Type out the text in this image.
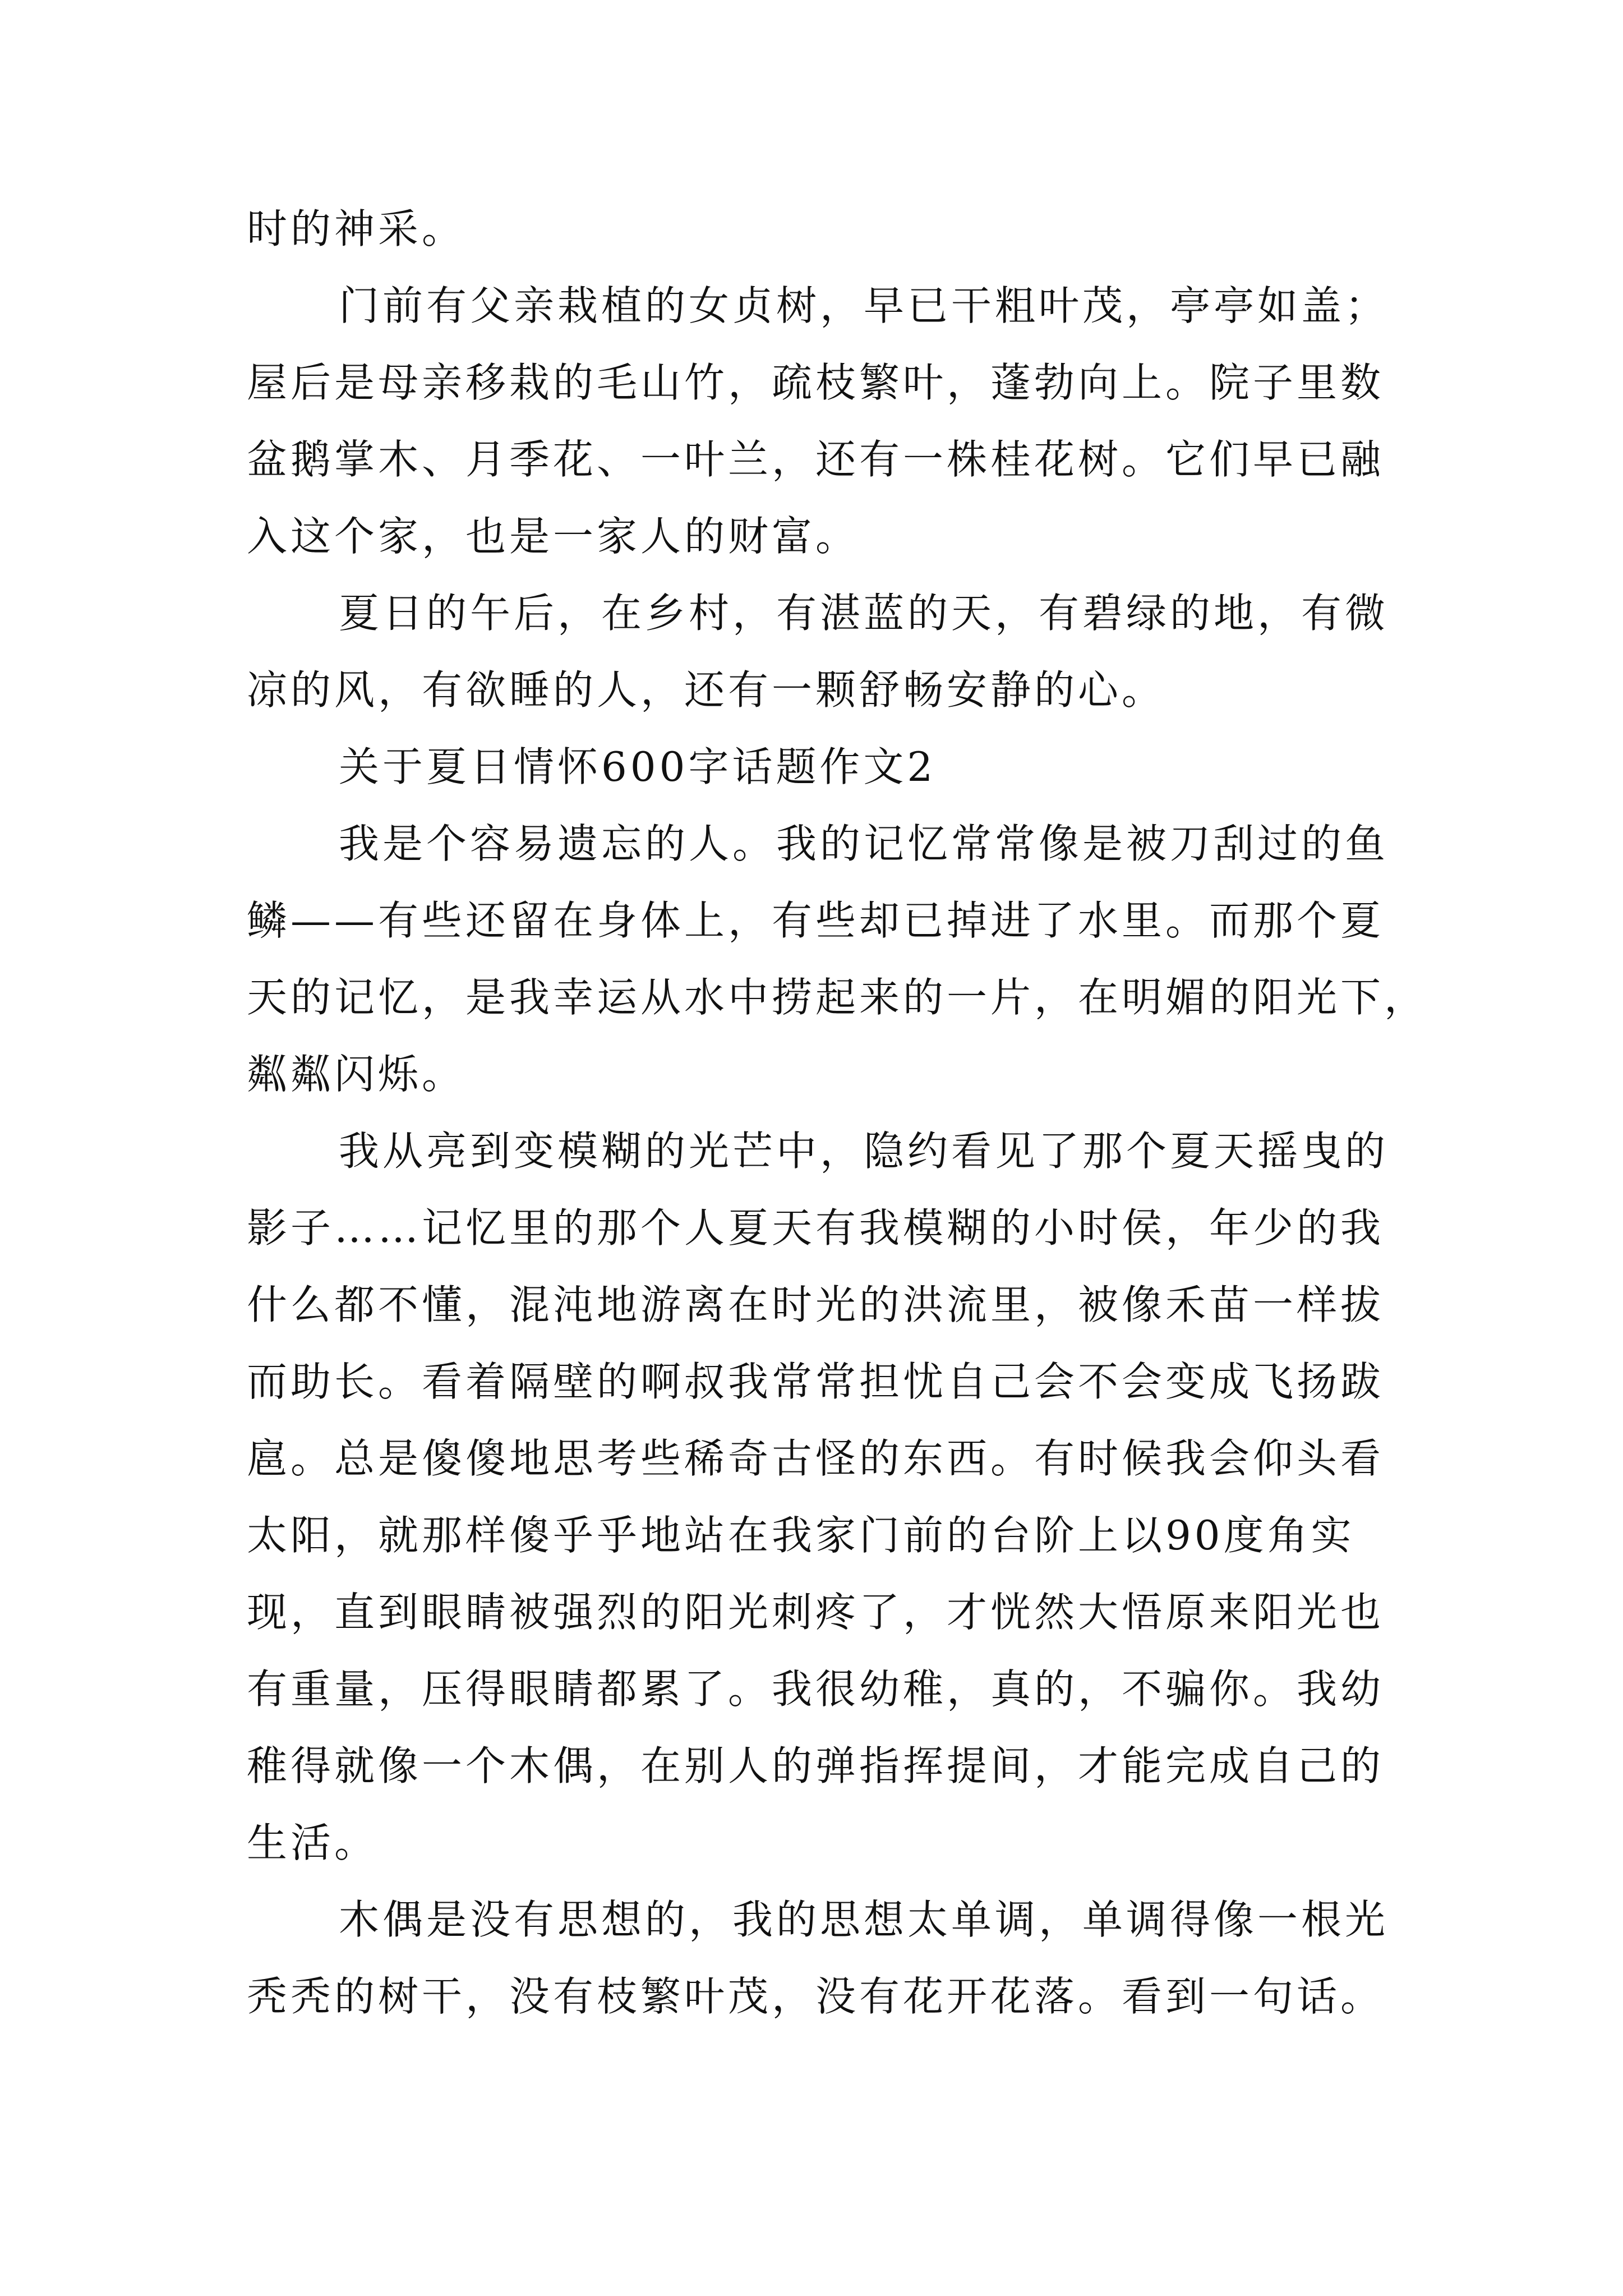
时的神采。
门前有父亲栽植的女贞树，早已干粗叶茂，亭亭如盖；
屋后是母亲移栽的毛山竹，疏枝繁叶，蓬勃向上。院子里数
盆鹅掌木、月季花、一叶兰，还有一株桂花树。它们早已融
入这个家，也是一家人的财富。
夏日的午后，在乡村，有湛蓝的天，有碧绿的地，有微
凉的风，有欲睡的人，还有一颗舒畅安静的心。
关于夏日情怀600字话题作文2
我是个容易遗忘的人。我的记忆常常像是被刀刮过的鱼
鳞——有些还留在身体上，有些却已掉进了水里。而那个夏
天的记忆，是我幸运从水中捞起来的一片，在明媚的阳光下，
粼粼闪烁。
我从亮到变模糊的光芒中，隐约看见了那个夏天摇曳的
影子……记忆里的那个人夏天有我模糊的小时侯，年少的我
什么都不懂，混沌地游离在时光的洪流里，被像禾苗一样拔
而助长。看着隔壁的啊叔我常常担忧自己会不会变成飞扬跋
扈。总是傻傻地思考些稀奇古怪的东西。有时候我会仰头看
太阳，就那样傻乎乎地站在我家门前的台阶上以90度角实
现，直到眼睛被强烈的阳光刺疼了，才恍然大悟原来阳光也
有重量，压得眼睛都累了。我很幼稚，真的，不骗你。我幼
稚得就像一个木偶，在别人的弹指挥提间，才能完成自己的
生活。
木偶是没有思想的，我的思想太单调，单调得像一根光
秃秃的树干，没有枝繁叶茂，没有花开花落。看到一句话。
